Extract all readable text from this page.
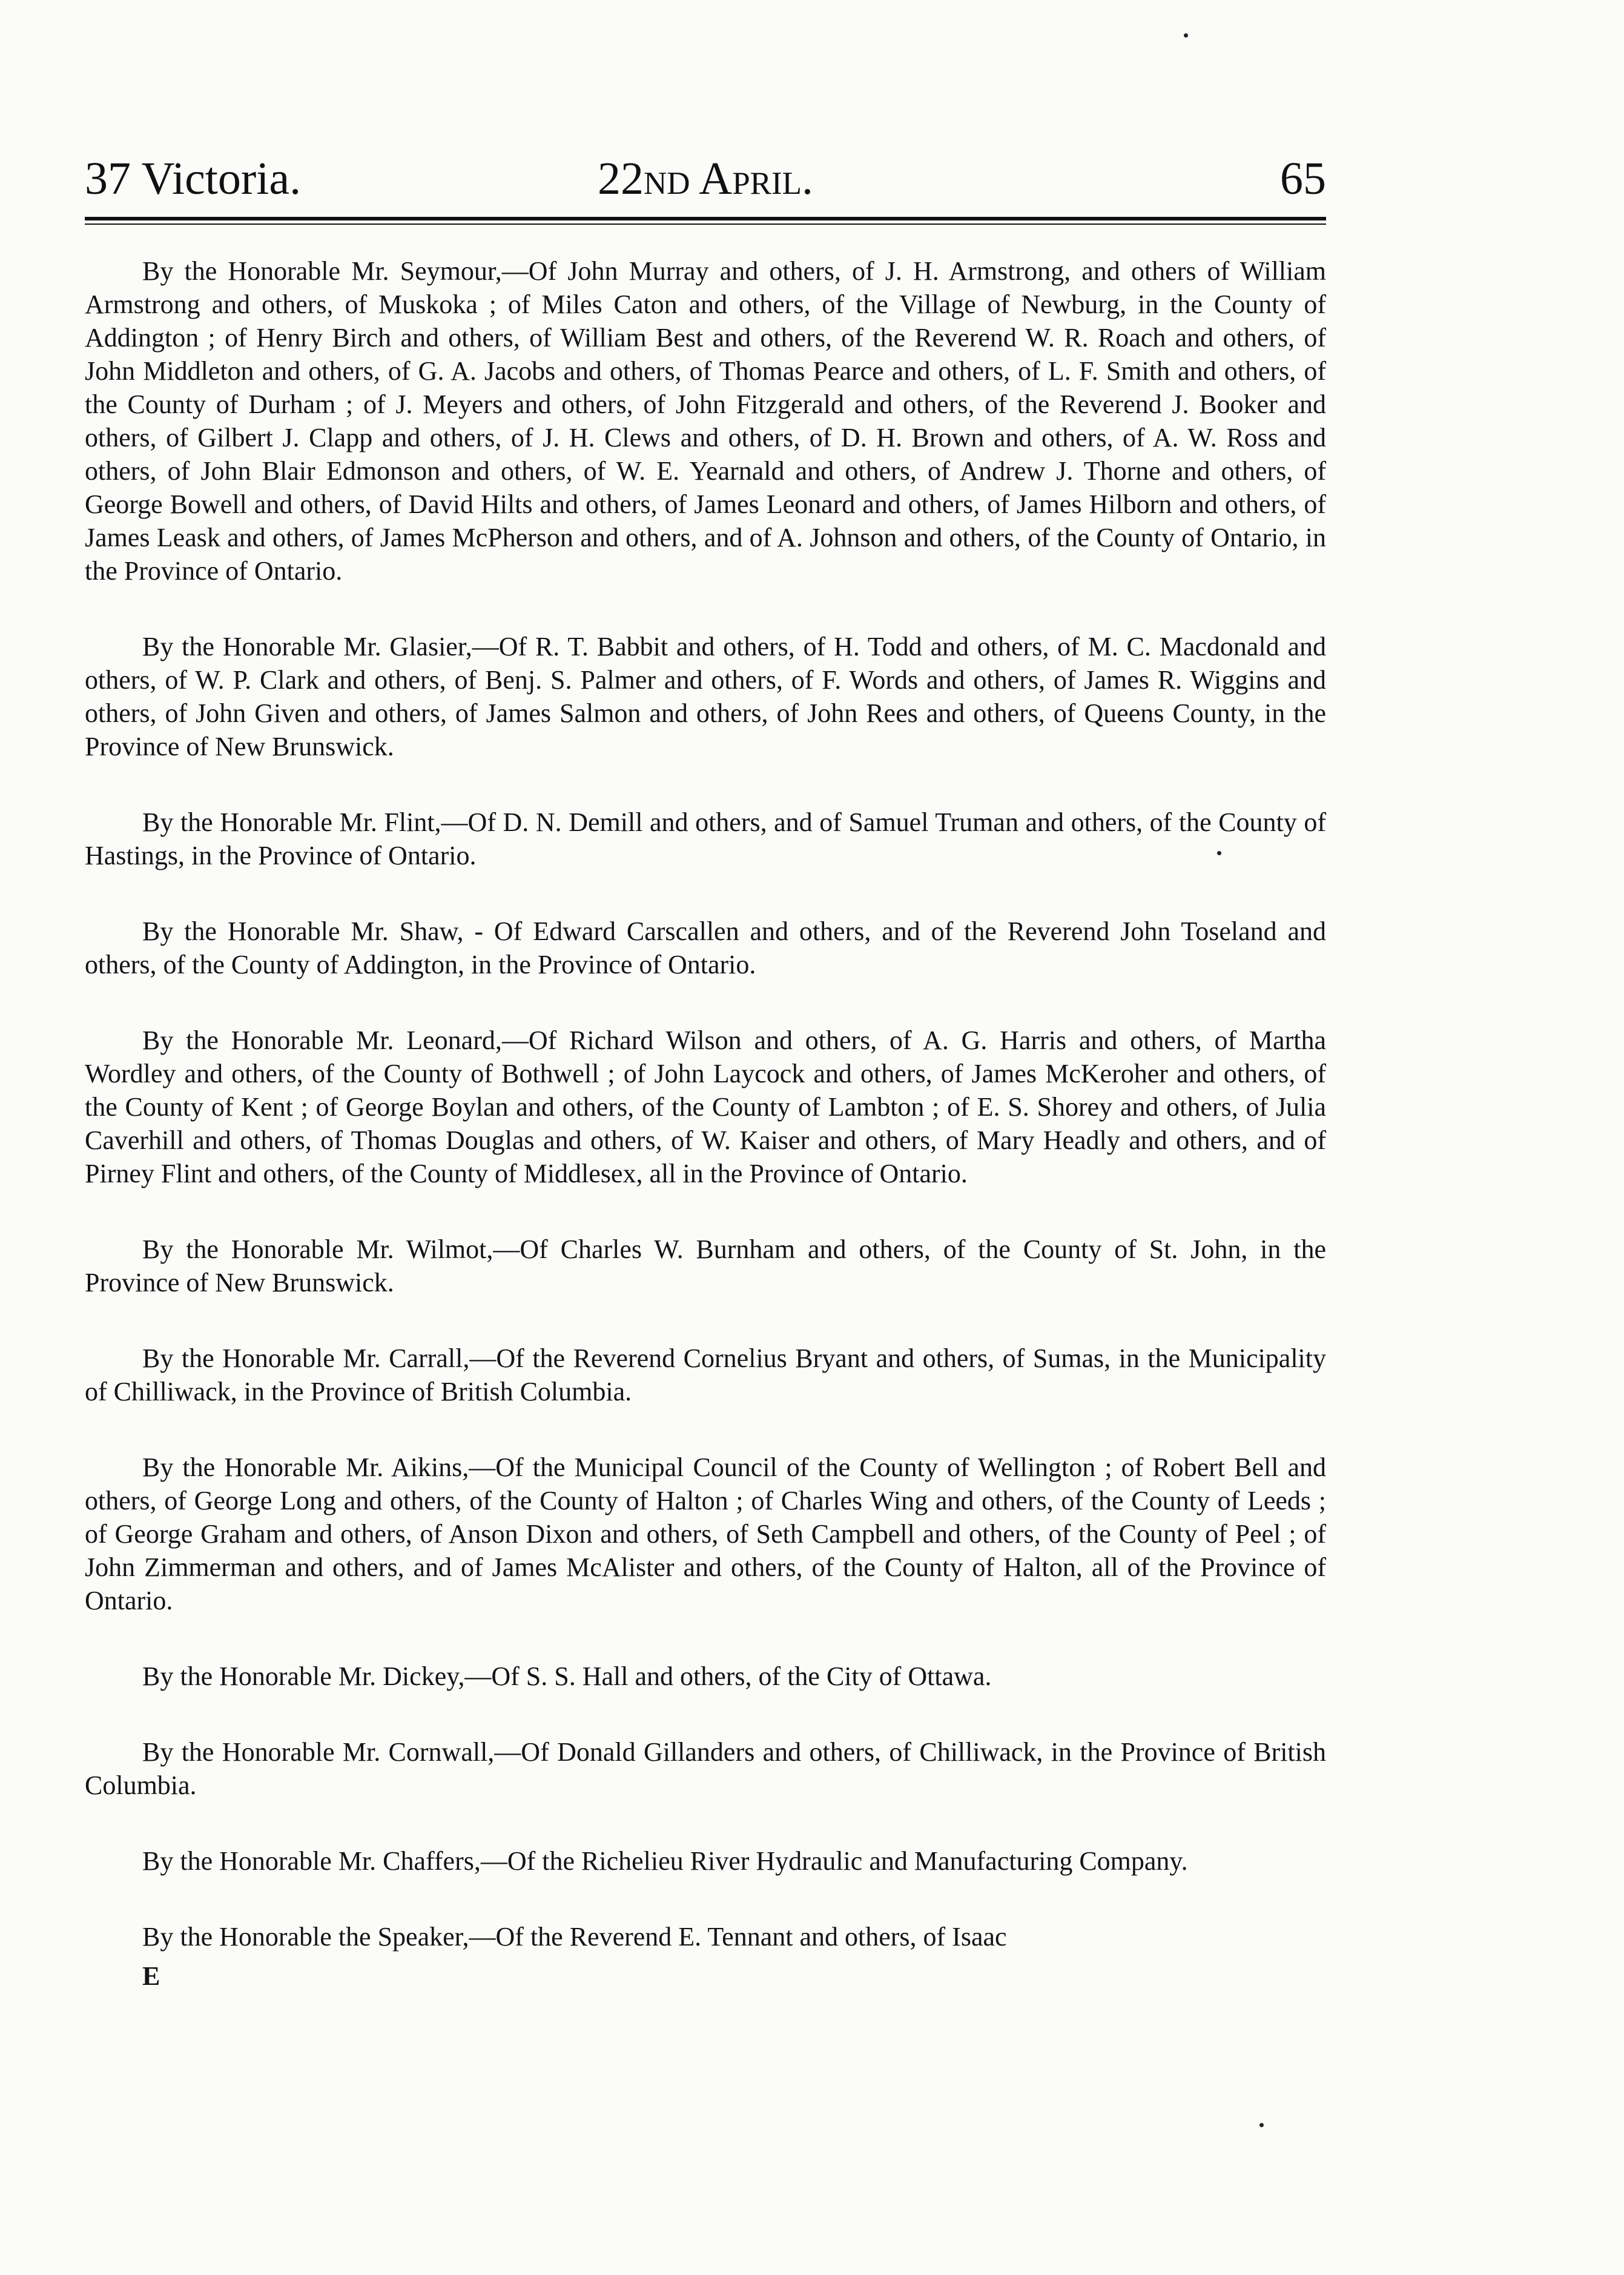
37 Victoria.	22nd April.	65

By the Honorable Mr. Seymour,—Of John Murray and others, of J. H. Armstrong, and others of William Armstrong and others, of Muskoka ; of Miles Caton and others, of the Village of Newburg, in the County of Addington ; of Henry Birch and others, of William Best and others, of the Reverend W. R. Roach and others, of John Middleton and others, of G. A. Jacobs and others, of Thomas Pearce and others, of L. F. Smith and others, of the County of Durham ; of J. Meyers and others, of John Fitzgerald and others, of the Reverend J. Booker and others, of Gilbert J. Clapp and others, of J. H. Clews and others, of D. H. Brown and others, of A. W. Ross and others, of John Blair Edmonson and others, of W. E. Yearnald and others, of Andrew J. Thorne and others, of George Bowell and others, of David Hilts and others, of James Leonard and others, of James Hilborn and others, of James Leask and others, of James McPherson and others, and of A. Johnson and others, of the County of Ontario, in the Province of Ontario.

By the Honorable Mr. Glasier,—Of R. T. Babbit and others, of H. Todd and others, of M. C. Macdonald and others, of W. P. Clark and others, of Benj. S. Palmer and others, of F. Words and others, of James R. Wiggins and others, of John Given and others, of James Salmon and others, of John Rees and others, of Queens County, in the Province of New Brunswick.

By the Honorable Mr. Flint,—Of D. N. Demill and others, and of Samuel Truman and others, of the County of Hastings, in the Province of Ontario.

By the Honorable Mr. Shaw, - Of Edward Carscallen and others, and of the Reverend John Toseland and others, of the County of Addington, in the Province of Ontario.

By the Honorable Mr. Leonard,—Of Richard Wilson and others, of A. G. Harris and others, of Martha Wordley and others, of the County of Bothwell ; of John Laycock and others, of James McKeroher and others, of the County of Kent ; of George Boylan and others, of the County of Lambton ; of E. S. Shorey and others, of Julia Caverhill and others, of Thomas Douglas and others, of W. Kaiser and others, of Mary Headly and others, and of Pirney Flint and others, of the County of Middlesex, all in the Province of Ontario.

By the Honorable Mr. Wilmot,—Of Charles W. Burnham and others, of the County of St. John, in the Province of New Brunswick.

By the Honorable Mr. Carrall,—Of the Reverend Cornelius Bryant and others, of Sumas, in the Municipality of Chilliwack, in the Province of British Columbia.

By the Honorable Mr. Aikins,—Of the Municipal Council of the County of Wellington ; of Robert Bell and others, of George Long and others, of the County of Halton ; of Charles Wing and others, of the County of Leeds ; of George Graham and others, of Anson Dixon and others, of Seth Campbell and others, of the County of Peel ; of John Zimmerman and others, and of James McAlister and others, of the County of Halton, all of the Province of Ontario.

By the Honorable Mr. Dickey,—Of S. S. Hall and others, of the City of Ottawa.

By the Honorable Mr. Cornwall,—Of Donald Gillanders and others, of Chilliwack, in the Province of British Columbia.

By the Honorable Mr. Chaffers,—Of the Richelieu River Hydraulic and Manufacturing Company.

By the Honorable the Speaker,—Of the Reverend E. Tennant and others, of Isaac

E
